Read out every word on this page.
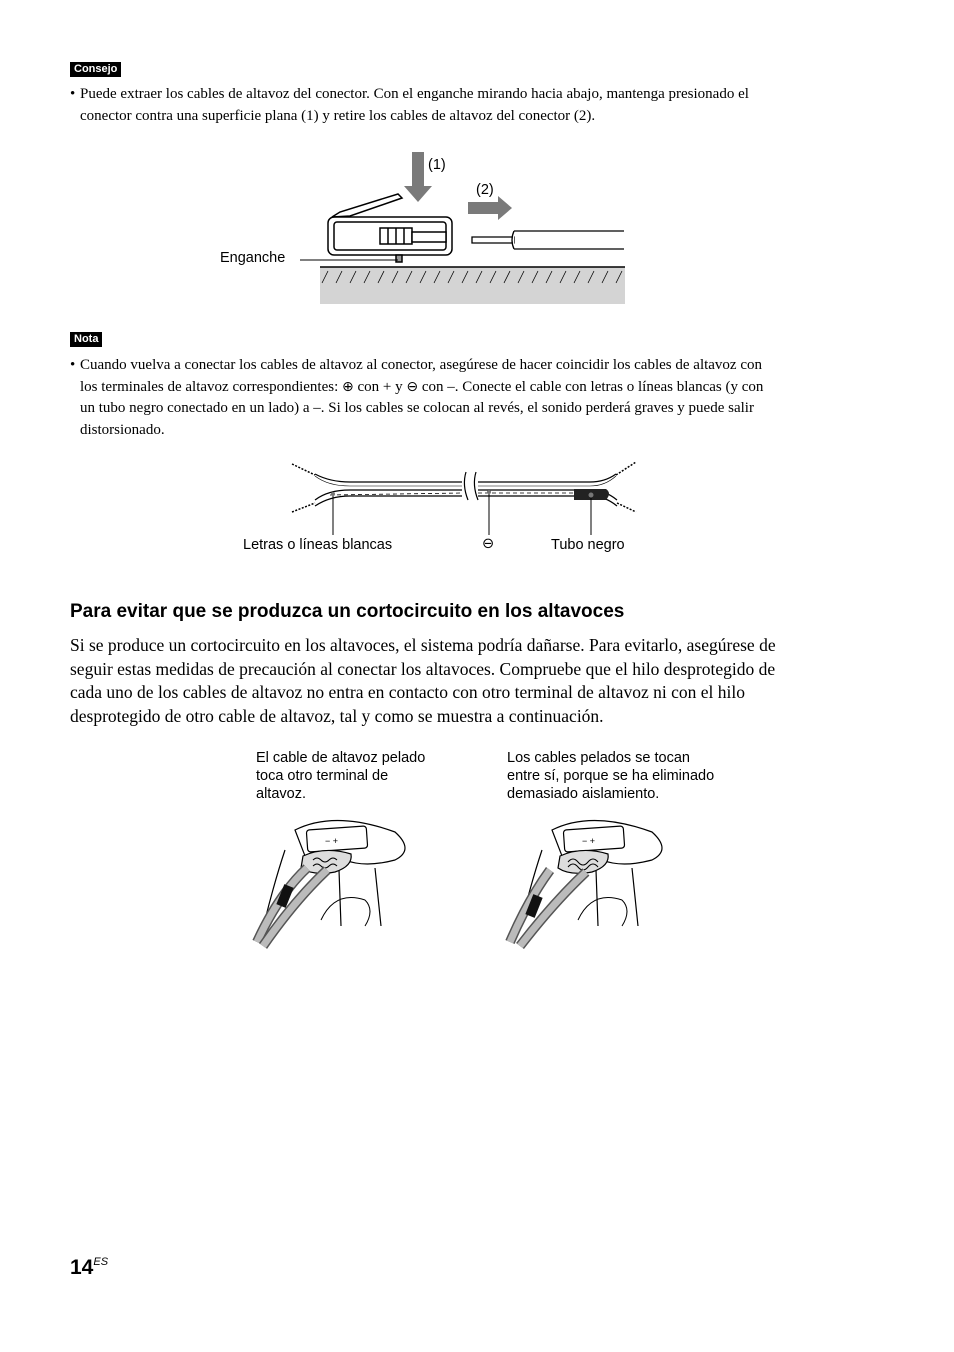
Consejo
• Puede extraer los cables de altavoz del conector. Con el enganche mirando hacia abajo, mantenga presionado el
conector contra una superficie plana (1) y retire los cables de altavoz del conector (2).
(1)
(2)
Enganche
Nota
• Cuando vuelva a conectar los cables de altavoz al conector, asegúrese de hacer coincidir los cables de altavoz con
los terminales de altavoz correspondientes: ⊕ con + y ⊖ con –. Conecte el cable con letras o líneas blancas (y con
un tubo negro conectado en un lado) a –. Si los cables se colocan al revés, el sonido perderá graves y puede salir
distorsionado.
Letras o líneas blancas	⊖	Tubo negro
Para evitar que se produzca un cortocircuito en los altavoces
Si se produce un cortocircuito en los altavoces, el sistema podría dañarse. Para evitarlo, asegúrese de
seguir estas medidas de precaución al conectar los altavoces. Compruebe que el hilo desprotegido de
cada uno de los cables de altavoz no entra en contacto con otro terminal de altavoz ni con el hilo
desprotegido de otro cable de altavoz, tal y como se muestra a continuación.
El cable de altavoz pelado
toca otro terminal de
altavoz.
Los cables pelados se tocan
entre sí, porque se ha eliminado
demasiado aislamiento.
− +	− +
$14^{ES}$
